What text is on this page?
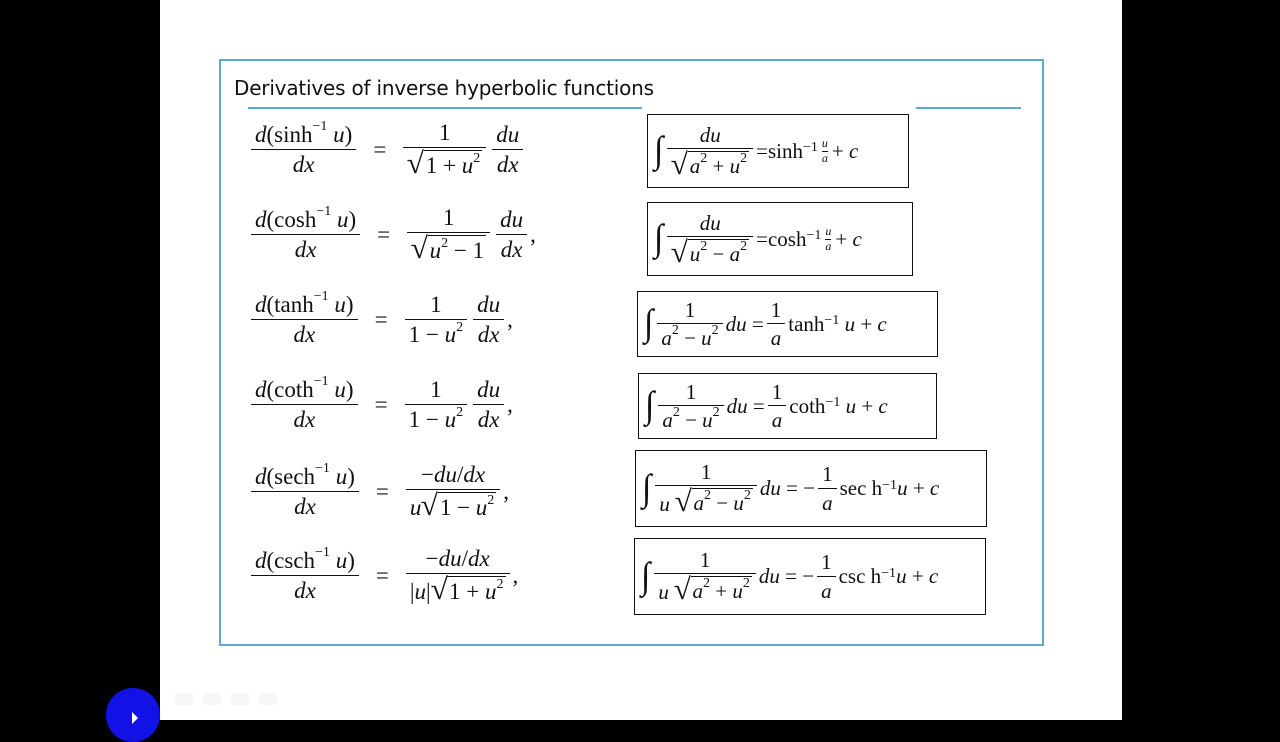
Derivatives of inverse hyperbolic functions
$\frac{d(\sinh^{-1} u)}{dx} = \frac{1}{√ 1 + u^2} \frac{du}{dx}$
$\frac{d(\cosh^{-1} u)}{dx} = \frac{1}{√ u^2 - 1} \frac{du}{dx}$ ,
$\frac{d(\tanh^{-1} u)}{dx} = \frac{1}{1 - u^2} \frac{du}{dx}$ ,
$\frac{d(\cot h^{-1} u)}{dx} = \frac{1}{1 - u^2} \frac{du}{dx}$ ,
$\frac{d(\sec h^{-1} u)}{dx} = \frac{-du/dx}{u √ 1 - u^2}$ ,
$\frac{d(\csc h^{-1} u)}{dx} = \frac{-du/dx}{|u| √ 1 + u^2}$ ,
∫ $\frac{du}{√ a^2 + u^2} =\sinh -1 \frac{u}{a} + c$
∫ $\frac{du}{√ u^2 - a^2} =\cosh -1 \frac{u}{a} + c$
∫ $\frac{1}{a^2 - u^2}$ du = $\frac{1}{a}$ tanh −1 u + c
∫ $\frac{1}{a^2 - u^2}$ du = $\frac{1}{a}$ coth −1 u + c
∫ $\frac{1}{u √ a^2 - u^2}$ du = − $\frac{1}{a}$ sec h −1 u + c
∫ $\frac{1}{u √ a^2 + u^2}$ du = − $\frac{1}{a}$ csc h −1 u + c
